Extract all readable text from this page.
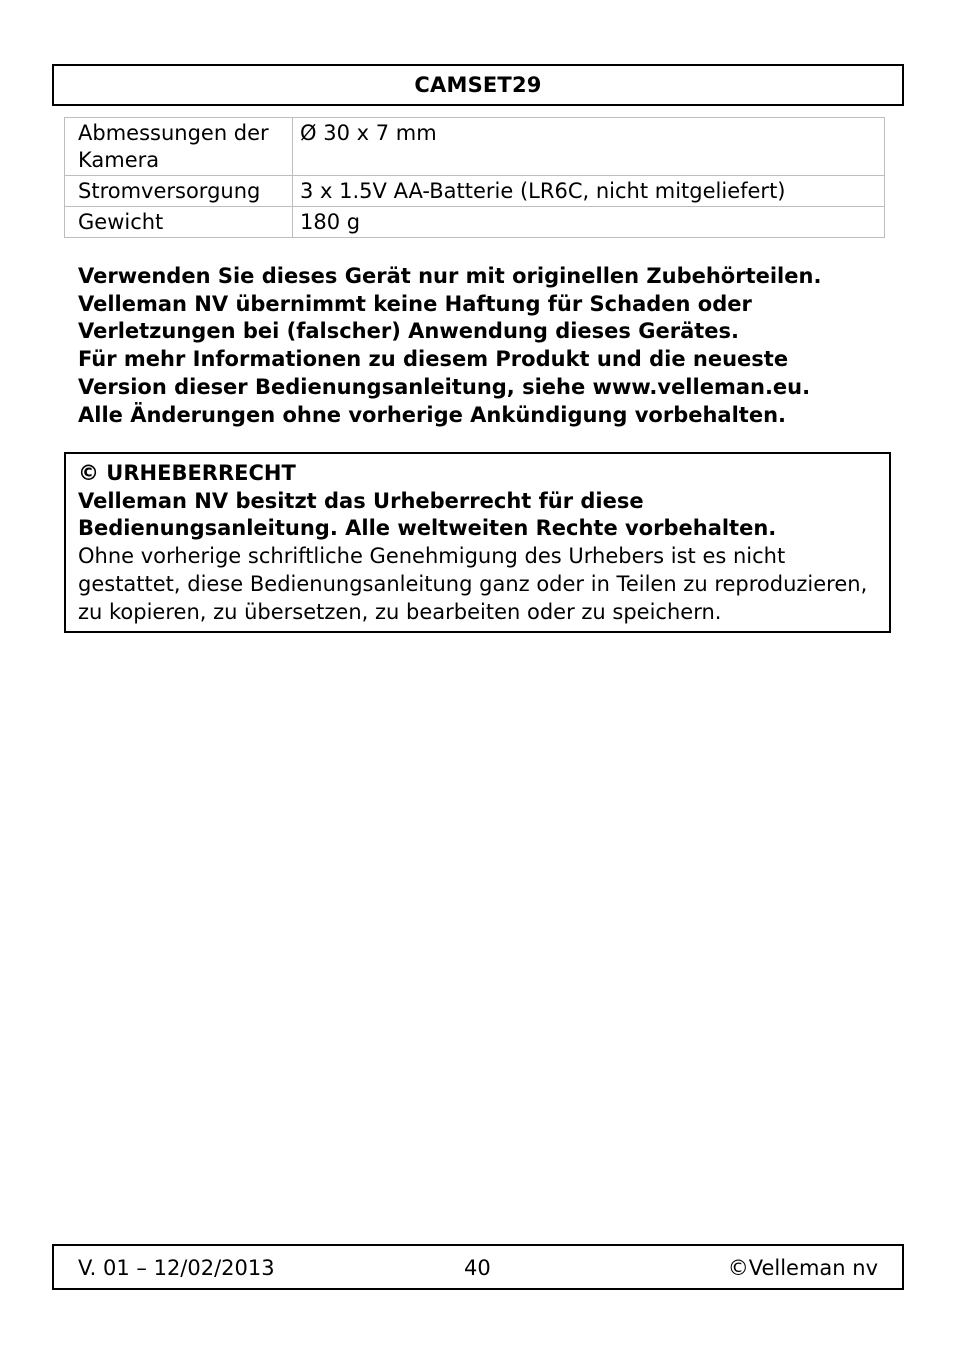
CAMSET29
Abmessungen der Kamera	Ø 30 x 7 mm
Stromversorgung	3 x 1.5V AA-Batterie (LR6C, nicht mitgeliefert)
Gewicht	180 g

Verwenden Sie dieses Gerät nur mit originellen Zubehörteilen.

Velleman NV übernimmt keine Haftung für Schaden oder

Verletzungen bei (falscher) Anwendung dieses Gerätes.

Für mehr Informationen zu diesem Produkt und die neueste

Version dieser Bedienungsanleitung, siehe www.velleman.eu.

Alle Änderungen ohne vorherige Ankündigung vorbehalten.

© URHEBERRECHT

Velleman NV besitzt das Urheberrecht für diese Bedienungsanleitung. Alle weltweiten Rechte vorbehalten.

Ohne vorherige schriftliche Genehmigung des Urhebers ist es nicht gestattet, diese Bedienungsanleitung ganz oder in Teilen zu reproduzieren, zu kopieren, zu übersetzen, zu bearbeiten oder zu speichern.

V. 01 – 12/02/2013	40	©Velleman nv
